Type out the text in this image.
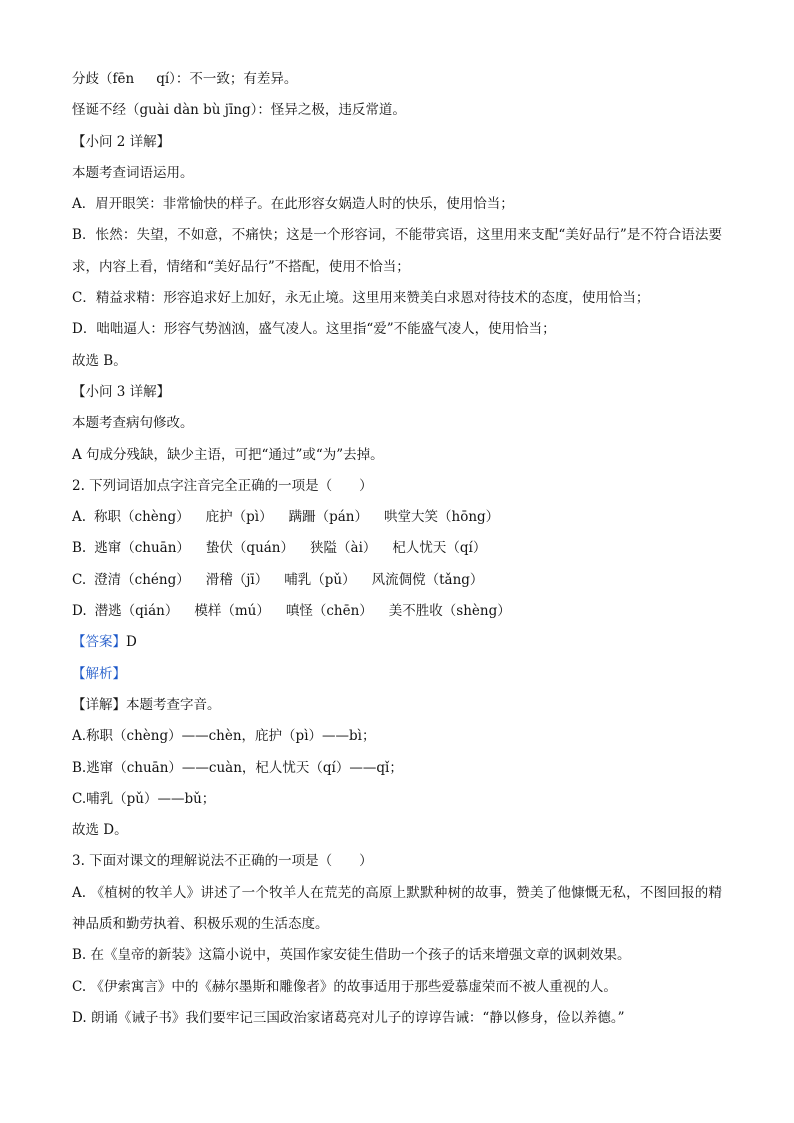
分歧（fēn qí）：不一致；有差异。

怪诞不经（guài dàn bù jīng）：怪异之极，违反常道。

【小问 2 详解】

本题考查词语运用。

A．眉开眼笑：非常愉快的样子。在此形容女娲造人时的快乐，使用恰当；

B．怅然：失望，不如意，不痛快；这是一个形容词，不能带宾语，这里用来支配“美好品行”是不符合语法要求，内容上看，情绪和“美好品行”不搭配，使用不恰当；

C．精益求精：形容追求好上加好，永无止境。这里用来赞美白求恩对待技术的态度，使用恰当；

D．咄咄逼人：形容气势汹汹，盛气凌人。这里指“爱”不能盛气凌人，使用恰当；

故选 B。

【小问 3 详解】

本题考查病句修改。

A 句成分残缺，缺少主语，可把“通过”或“为”去掉。

2. 下列词语加点字注音完全正确的一项是（　　）

A. 称职（chèng） 庇护（pì） 蹒跚（pán） 哄堂大笑（hōng）
B. 逃窜（chuān） 蛰伏（quán） 狭隘（ài） 杞人忧天（qí）
C. 澄清（chéng） 滑稽（jī） 哺乳（pǔ） 风流倜傥（tǎng）
D. 潜逃（qián） 模样（mú） 嗔怪（chēn） 美不胜收（shèng）

【答案】D

【解析】

【详解】本题考查字音。

A.称职（chèng）——chèn，庇护（pì）——bì；

B.逃窜（chuān）——cuàn，杞人忧天（qí）——qǐ；

C.哺乳（pǔ）——bǔ；

故选 D。

3. 下面对课文的理解说法不正确的一项是（　　）

A. 《植树的牧羊人》讲述了一个牧羊人在荒芜的高原上默默种树的故事，赞美了他慷慨无私，不图回报的精神品质和勤劳执着、积极乐观的生活态度。

B. 在《皇帝的新装》这篇小说中，英国作家安徒生借助一个孩子的话来增强文章的讽刺效果。

C. 《伊索寓言》中的《赫尔墨斯和雕像者》的故事适用于那些爱慕虚荣而不被人重视的人。

D. 朗诵《诫子书》我们要牢记三国政治家诸葛亮对儿子的谆谆告诫：“静以修身，俭以养德。”
